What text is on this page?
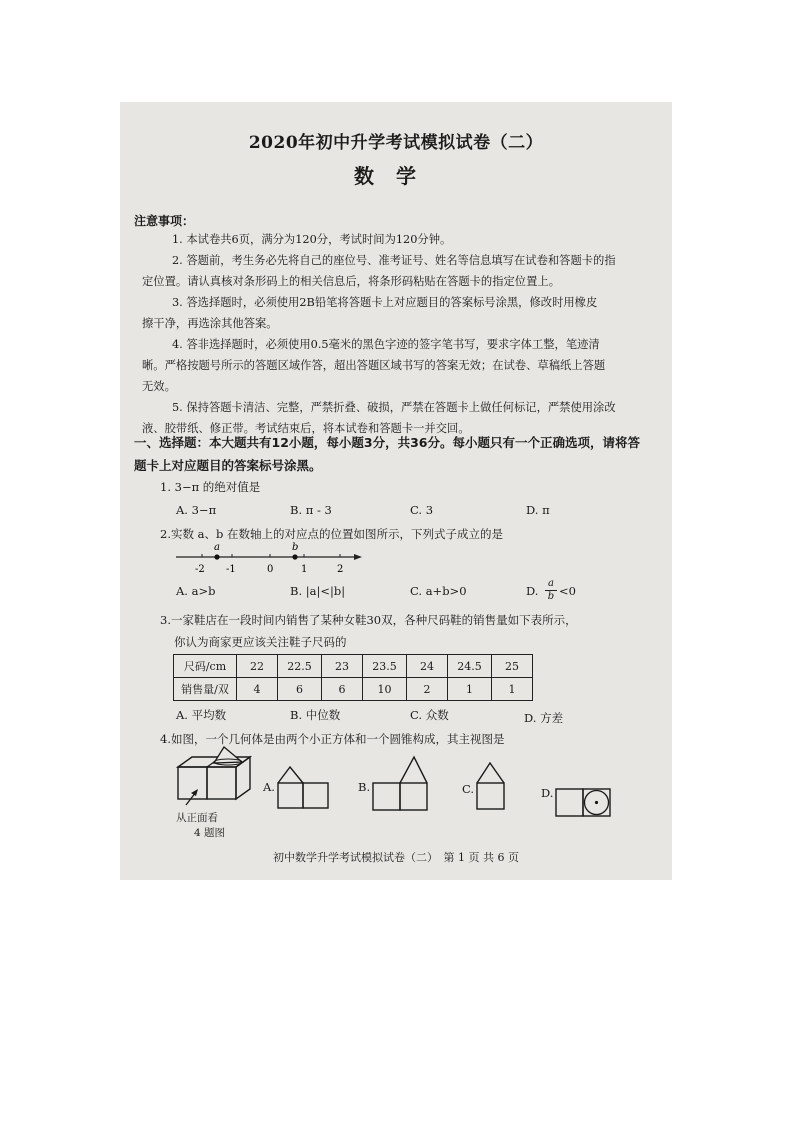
2020年初中升学考试模拟试卷（二）
数学
注意事项：
1. 本试卷共6页，满分为120分，考试时间为120分钟。
2. 答题前，考生务必先将自己的座位号、准考证号、姓名等信息填写在试卷和答题卡的指
定位置。请认真核对条形码上的相关信息后，将条形码粘贴在答题卡的指定位置上。
3. 答选择题时，必须使用2B铅笔将答题卡上对应题目的答案标号涂黑，修改时用橡皮
擦干净，再选涂其他答案。
4. 答非选择题时，必须使用0.5毫米的黑色字迹的签字笔书写，要求字体工整，笔迹清
晰。严格按题号所示的答题区域作答，超出答题区域书写的答案无效；在试卷、草稿纸上答题
无效。
5. 保持答题卡清洁、完整，严禁折叠、破损，严禁在答题卡上做任何标记，严禁使用涂改
液、胶带纸、修正带。考试结束后，将本试卷和答题卡一并交回。
一、选择题：本大题共有12小题，每小题3分，共36分。每小题只有一个正确选项，请将答
题卡上对应题目的答案标号涂黑。
1. 3−π 的绝对值是
A. 3−π	B. π - 3	C. 3	D. π
2.实数 a、b 在数轴上的对应点的位置如图所示，下列式子成立的是
a	b
-2 -1	0	1	2
A. a>b	B. |a|<|b|	C. a+b>0	D. $\frac{a}{b} <0$
3.一家鞋店在一段时间内销售了某种女鞋30双，各种尺码鞋的销售量如下表所示，
你认为商家更应该关注鞋子尺码的
尺码/cm	22	22.5	23	23.5	24	24.5	25
销售量/双	4	6	6	10	2	1	1
A. 平均数	B. 中位数	C. 众数	D. 方差
4.如图，一个几何体是由两个小正方体和一个圆锥构成，其主视图是
从正面看
4 题图
A.	B.	C.	D.
初中数学升学考试模拟试卷（二）　第 1 页 共 6 页
